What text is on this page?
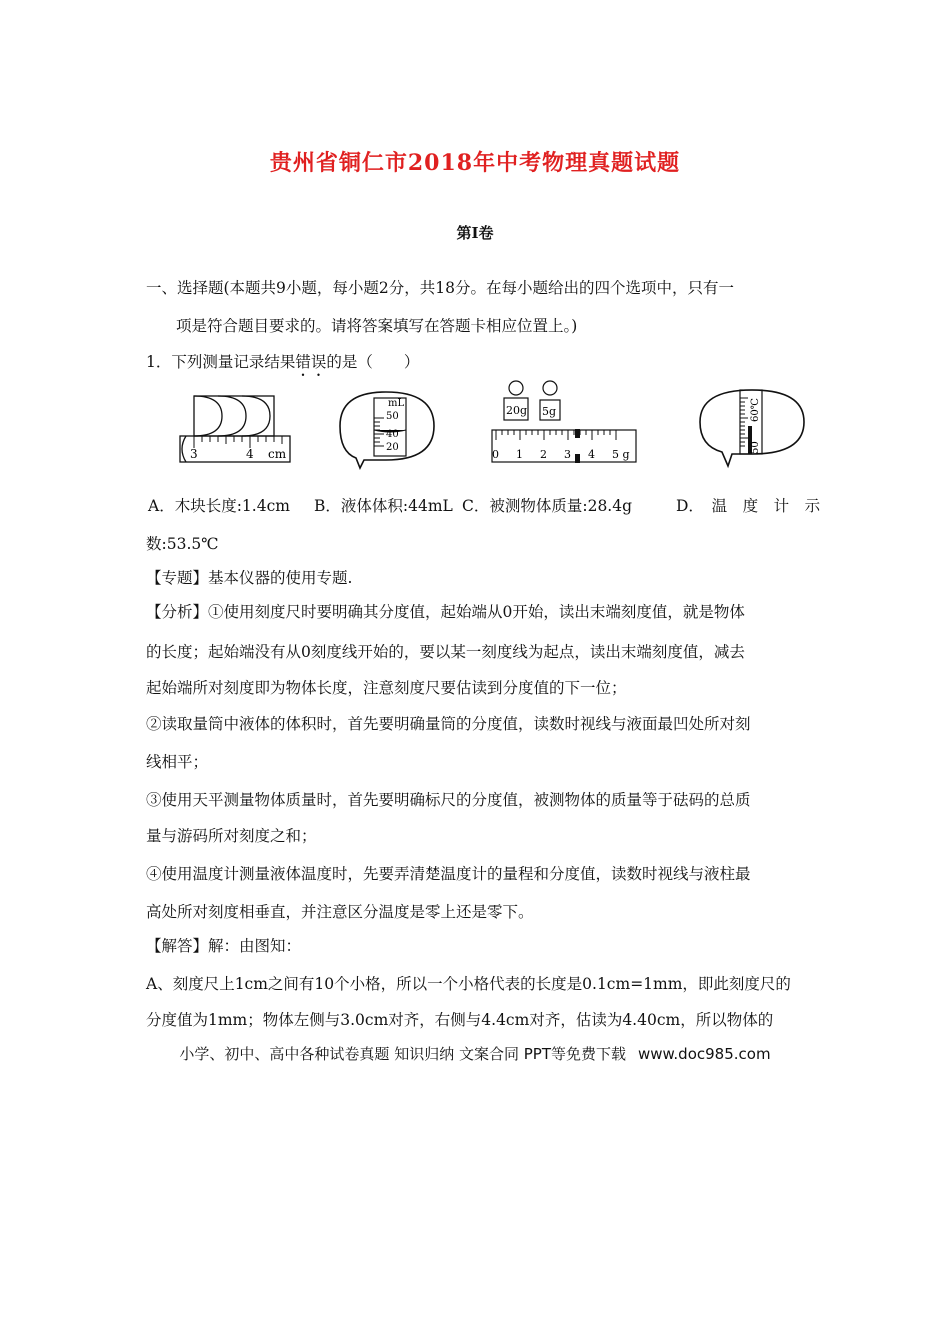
贵州省铜仁市2018年中考物理真题试题
第Ⅰ卷
一、选择题(本题共9小题，每小题2分，共18分。在每小题给出的四个选项中，只有一
项是符合题目要求的。请将答案填写在答题卡相应位置上。)
1．下列测量记录结果错误的是（　　）
3	4 cm
mL
50
40
20
20g 5g
0 1 2 3 4 5 g
60℃
50
A．木块长度:1.4cm B．液体体积:44mL C．被测物体质量:28.4g	D．　温　度　计　示
数:53.5℃
【专题】基本仪器的使用专题.
【分析】①使用刻度尺时要明确其分度值，起始端从0开始，读出末端刻度值，就是物体
的长度；起始端没有从0刻度线开始的，要以某一刻度线为起点，读出末端刻度值，减去
起始端所对刻度即为物体长度，注意刻度尺要估读到分度值的下一位；
②读取量筒中液体的体积时，首先要明确量筒的分度值，读数时视线与液面最凹处所对刻
线相平；
③使用天平测量物体质量时，首先要明确标尺的分度值，被测物体的质量等于砝码的总质
量与游码所对刻度之和；
④使用温度计测量液体温度时，先要弄清楚温度计的量程和分度值，读数时视线与液柱最
高处所对刻度相垂直，并注意区分温度是零上还是零下。
【解答】解：由图知：
A、刻度尺上1cm之间有10个小格，所以一个小格代表的长度是0.1cm=1mm，即此刻度尺的
分度值为1mm；物体左侧与3.0cm对齐，右侧与4.4cm对齐，估读为4.40cm，所以物体的
小学、初中、高中各种试卷真题 知识归纳 文案合同 PPT等免费下载 www.doc985.com
